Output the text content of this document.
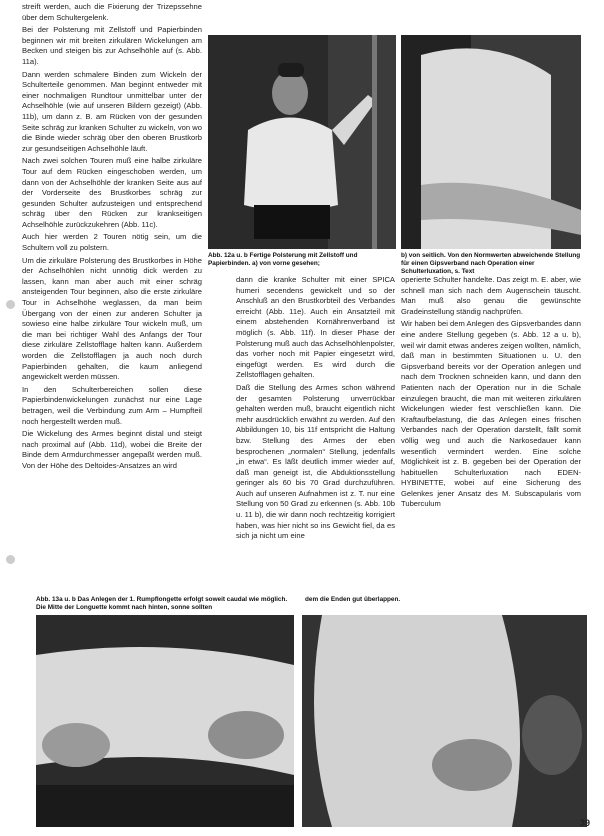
streift werden, auch die Fixierung der Trizepssehne über dem Schultergelenk.

Bei der Polsterung mit Zellstoff und Papierbinden beginnen wir mit breiten zirkulären Wickelungen am Becken und steigen bis zur Achselhöhle auf (s. Abb. 11a).

Dann werden schmalere Binden zum Wickeln der Schulterteile genommen. Man beginnt entweder mit einer nochmaligen Rundtour unmittelbar unter der Achselhöhle (wie auf unseren Bildern gezeigt) (Abb. 11b), um dann z. B. am Rücken von der gesunden Seite schräg zur kranken Schulter zu wickeln, von wo die Binde wieder schräg über den oberen Brustkorb zur gesundseitigen Achselhöhle läuft.

Nach zwei solchen Touren muß eine halbe zirkuläre Tour auf dem Rücken eingeschoben werden, um dann von der Achselhöhle der kranken Seite aus auf der Vorderseite des Brustkorbes schräg zur gesunden Schulter aufzusteigen und entsprechend schräg über den Rücken zur krankseitigen Achselhöhle zurückzukehren (Abb. 11c).

Auch hier werden 2 Touren nötig sein, um die Schultern voll zu polstern.

Um die zirkuläre Polsterung des Brustkorbes in Höhe der Achselhöhlen nicht unnötig dick werden zu lassen, kann man aber auch mit einer schräg ansteigenden Tour beginnen, also die erste zirkuläre Tour in Achselhöhe weglassen, da man beim Übergang von der einen zur anderen Schulter ja sowieso eine halbe zirkuläre Tour wickeln muß, um die man bei richtiger Wahl des Anfangs der Tour diese zirkuläre Zellstofflage halten kann. Außerdem worden die Zellstofflagen ja auch noch durch Papierbinden gehalten, die kaum anliegend angewickelt werden müssen.

In den Schulterbereichen sollen diese Papierbindenwickelungen zunächst nur eine Lage betragen, weil die Verbindung zum Arm – Humpfteil noch hergestellt werden muß.

Die Wickelung des Armes beginnt distal und steigt nach proximal auf (Abb. 11d), wobei die Breite der Binde dem Armdurchmesser angepaßt werden muß. Von der Höhe des Deltoides-Ansatzes an wird

Abb. 12a u. b Fertige Polsterung mit Zellstoff und Papierbinden. a) von vorne gesehen;
b) von seitlich. Von den Normwerten abweichende Stellung für einen Gipsverband nach Operation einer Schulterluxation, s. Text

dann die kranke Schulter mit einer SPICA humeri secendens gewickelt und so der Anschluß an den Brustkorbteil des Verbandes erreicht (Abb. 11e). Auch ein Ansatzteil mit einem abstehenden Kornährenverband ist möglich (s. Abb. 11f). In dieser Phase der Polsterung muß auch das Achselhöhlenpolster, das vorher noch mit Papier eingesetzt wird, eingefügt werden. Es wird durch die Zellstofflagen gehalten.

Daß die Stellung des Armes schon während der gesamten Polsterung unverrückbar gehalten werden muß, braucht eigentlich nicht mehr ausdrücklich erwähnt zu werden. Auf den Abbildungen 10, bis 11f entspricht die Haltung bzw. Stellung des Armes der eben besprochenen „normalen“ Stellung, jedenfalls „in etwa“. Es läßt deutlich immer wieder auf, daß man geneigt ist, die Abduktionsstellung geringer als 60 bis 70 Grad durchzuführen. Auch auf unseren Aufnahmen ist z. T. nur eine Stellung von 50 Grad zu erkennen (s. Abb. 10b u. 11 b), die wir dann noch rechtzeitig korrigiert haben, was hier nicht so ins Gewicht fiel, da es sich ja nicht um eine

operierte Schulter handelte. Das zeigt m. E. aber, wie schnell man sich nach dem Augenschein täuscht. Man muß also genau die gewünschte Gradeinstellung ständig nachprüfen.

Wir haben bei dem Anlegen des Gipsverbandes dann eine andere Stellung gegeben (s. Abb. 12 a u. b), weil wir damit etwas anderes zeigen wollten, nämlich, daß man in bestimmten Situationen u. U. den Gipsverband bereits vor der Operation anlegen und nach dem Trocknen schneiden kann, und dann den Patienten nach der Operation nur in die Schale einzulegen braucht, die man mit weiteren zirkulären Wickelungen wieder fest verschließen kann. Die Kraftaufbelastung, die das Anlegen eines frischen Verbandes nach der Operation darstellt, fällt somit völlig weg und auch die Narkosedauer kann wesentlich vermindert werden. Eine solche Möglichkeit ist z. B. gegeben bei der Operation der habituellen Schulterluxation nach EDEN-HYBINETTE, wobei auf eine Sicherung des Gelenkes jener Ansatz des M. Subscapularis vom Tuberculum

Abb. 13a u. b Das Anlegen der 1. Rumpflongette erfolgt soweit caudal wie möglich. Die Mitte der Longuette kommt nach hinten, sonne sollten
dem die Enden gut überlappen.
39
